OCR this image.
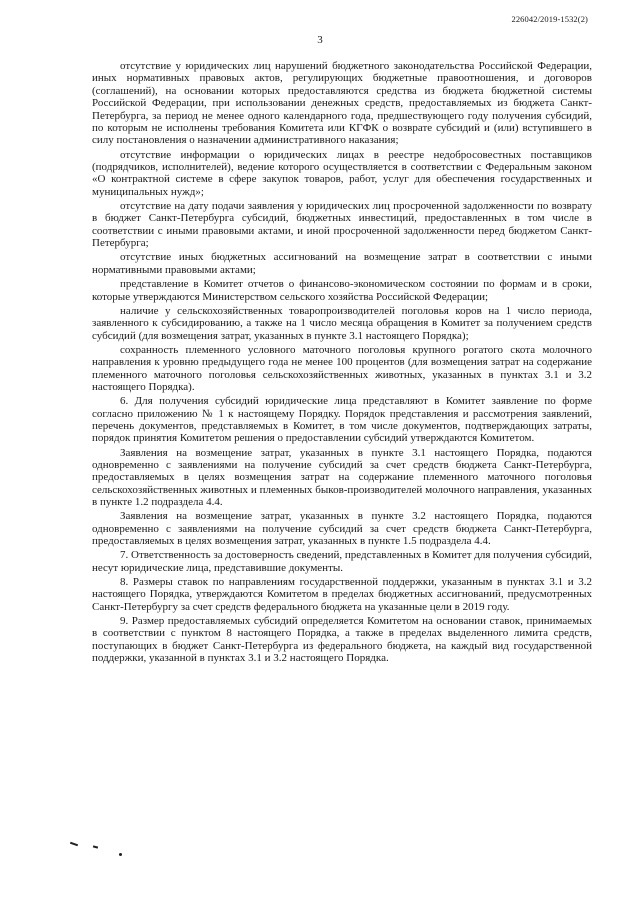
226042/2019-1532(2)
3

отсутствие у юридических лиц нарушений бюджетного законодательства Российской Федерации, иных нормативных правовых актов, регулирующих бюджетные правоотношения, и договоров (соглашений), на основании которых предоставляются средства из бюджета бюджетной системы Российской Федерации, при использовании денежных средств, предоставляемых из бюджета Санкт-Петербурга, за период не менее одного календарного года, предшествующего году получения субсидий, по которым не исполнены требования Комитета или КГФК о возврате субсидий и (или) вступившего в силу постановления о назначении административного наказания;

отсутствие информации о юридических лицах в реестре недобросовестных поставщиков (подрядчиков, исполнителей), ведение которого осуществляется в соответствии с Федеральным законом «О контрактной системе в сфере закупок товаров, работ, услуг для обеспечения государственных и муниципальных нужд»;

отсутствие на дату подачи заявления у юридических лиц просроченной задолженности по возврату в бюджет Санкт-Петербурга субсидий, бюджетных инвестиций, предоставленных в том числе в соответствии с иными правовыми актами, и иной просроченной задолженности перед бюджетом Санкт-Петербурга;

отсутствие иных бюджетных ассигнований на возмещение затрат в соответствии с иными нормативными правовыми актами;

представление в Комитет отчетов о финансово-экономическом состоянии по формам и в сроки, которые утверждаются Министерством сельского хозяйства Российской Федерации;

наличие у сельскохозяйственных товаропроизводителей поголовья коров на 1 число периода, заявленного к субсидированию, а также на 1 число месяца обращения в Комитет за получением средств субсидий (для возмещения затрат, указанных в пункте 3.1 настоящего Порядка);

сохранность племенного условного маточного поголовья крупного рогатого скота молочного направления к уровню предыдущего года не менее 100 процентов (для возмещения затрат на содержание племенного маточного поголовья сельскохозяйственных животных, указанных в пунктах 3.1 и 3.2 настоящего Порядка).

6. Для получения субсидий юридические лица представляют в Комитет заявление по форме согласно приложению № 1 к настоящему Порядку. Порядок представления и рассмотрения заявлений, перечень документов, представляемых в Комитет, в том числе документов, подтверждающих затраты, порядок принятия Комитетом решения о предоставлении субсидий утверждаются Комитетом.

Заявления на возмещение затрат, указанных в пункте 3.1 настоящего Порядка, подаются одновременно с заявлениями на получение субсидий за счет средств бюджета Санкт-Петербурга, предоставляемых в целях возмещения затрат на содержание племенного маточного поголовья сельскохозяйственных животных и племенных быков-производителей молочного направления, указанных в пункте 1.2 подраздела 4.4.

Заявления на возмещение затрат, указанных в пункте 3.2 настоящего Порядка, подаются одновременно с заявлениями на получение субсидий за счет средств бюджета Санкт-Петербурга, предоставляемых в целях возмещения затрат, указанных в пункте 1.5 подраздела 4.4.

7. Ответственность за достоверность сведений, представленных в Комитет для получения субсидий, несут юридические лица, представившие документы.

8. Размеры ставок по направлениям государственной поддержки, указанным в пунктах 3.1 и 3.2 настоящего Порядка, утверждаются Комитетом в пределах бюджетных ассигнований, предусмотренных Санкт-Петербургу за счет средств федерального бюджета на указанные цели в 2019 году.

9. Размер предоставляемых субсидий определяется Комитетом на основании ставок, принимаемых в соответствии с пунктом 8 настоящего Порядка, а также в пределах выделенного лимита средств, поступающих в бюджет Санкт-Петербурга из федерального бюджета, на каждый вид государственной поддержки, указанной в пунктах 3.1 и 3.2 настоящего Порядка.
